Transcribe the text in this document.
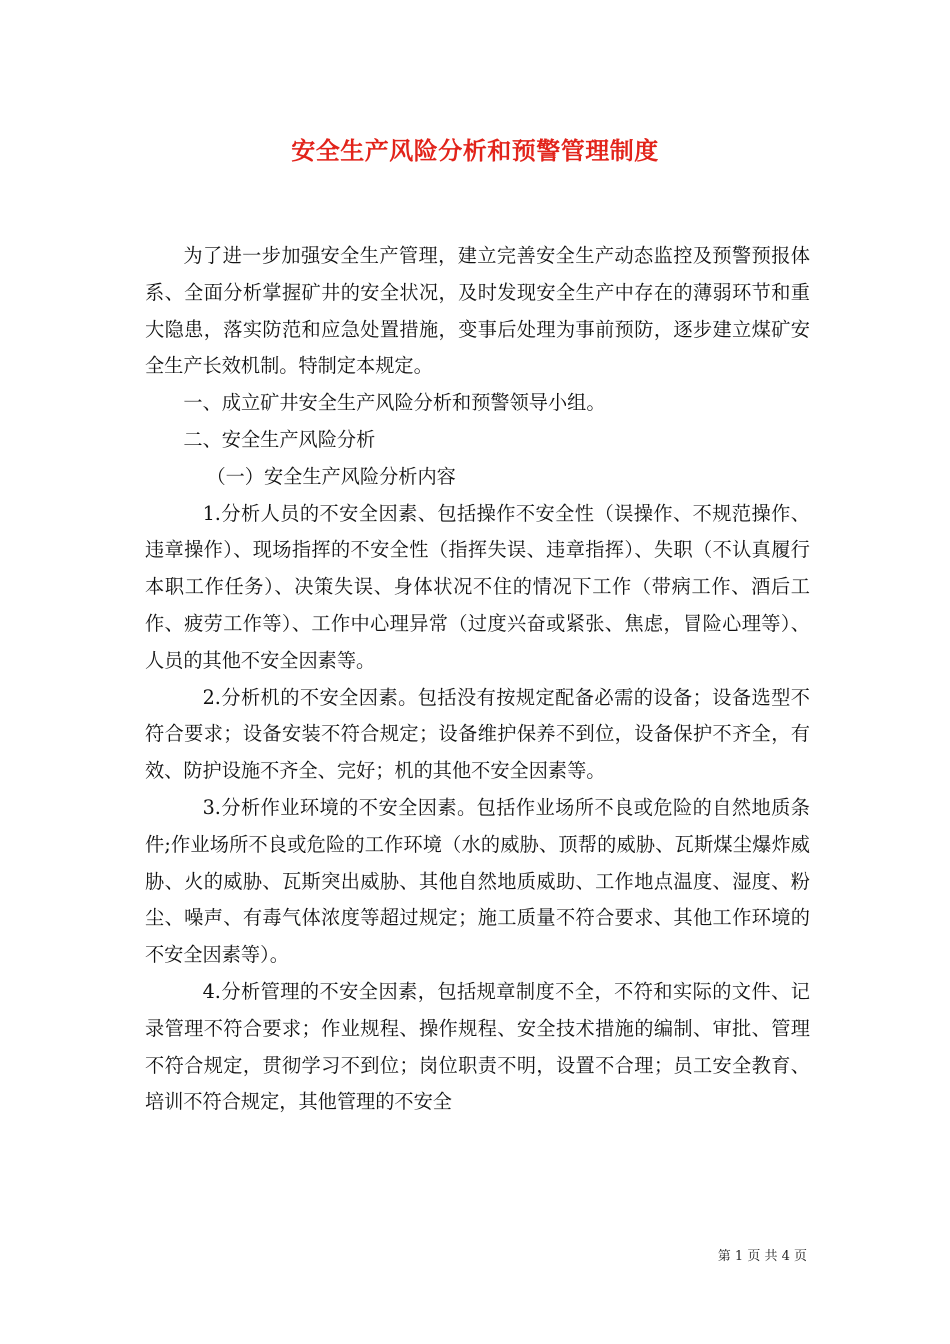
安全生产风险分析和预警管理制度

为了进一步加强安全生产管理，建立完善安全生产动态监控及预警预报体系、全面分析掌握矿井的安全状况，及时发现安全生产中存在的薄弱环节和重大隐患，落实防范和应急处置措施，变事后处理为事前预防，逐步建立煤矿安全生产长效机制。特制定本规定。

一、成立矿井安全生产风险分析和预警领导小组。

二、安全生产风险分析

（一）安全生产风险分析内容

1.分析人员的不安全因素、包括操作不安全性（误操作、不规范操作、违章操作）、现场指挥的不安全性（指挥失误、违章指挥）、失职（不认真履行本职工作任务）、决策失误、身体状况不住的情况下工作（带病工作、酒后工作、疲劳工作等）、工作中心理异常（过度兴奋或紧张、焦虑，冒险心理等）、人员的其他不安全因素等。

2.分析机的不安全因素。包括没有按规定配备必需的设备；设备选型不符合要求；设备安装不符合规定；设备维护保养不到位，设备保护不齐全，有效、防护设施不齐全、完好；机的其他不安全因素等。

3.分析作业环境的不安全因素。包括作业场所不良或危险的自然地质条件;作业场所不良或危险的工作环境（水的威胁、顶帮的威胁、瓦斯煤尘爆炸威胁、火的威胁、瓦斯突出威胁、其他自然地质威助、工作地点温度、湿度、粉尘、噪声、有毒气体浓度等超过规定；施工质量不符合要求、其他工作环境的不安全因素等）。

4.分析管理的不安全因素，包括规章制度不全，不符和实际的文件、记录管理不符合要求；作业规程、操作规程、安全技术措施的编制、审批、管理不符合规定，贯彻学习不到位；岗位职责不明，设置不合理；员工安全教育、培训不符合规定，其他管理的不安全

第 1 页 共 4 页
